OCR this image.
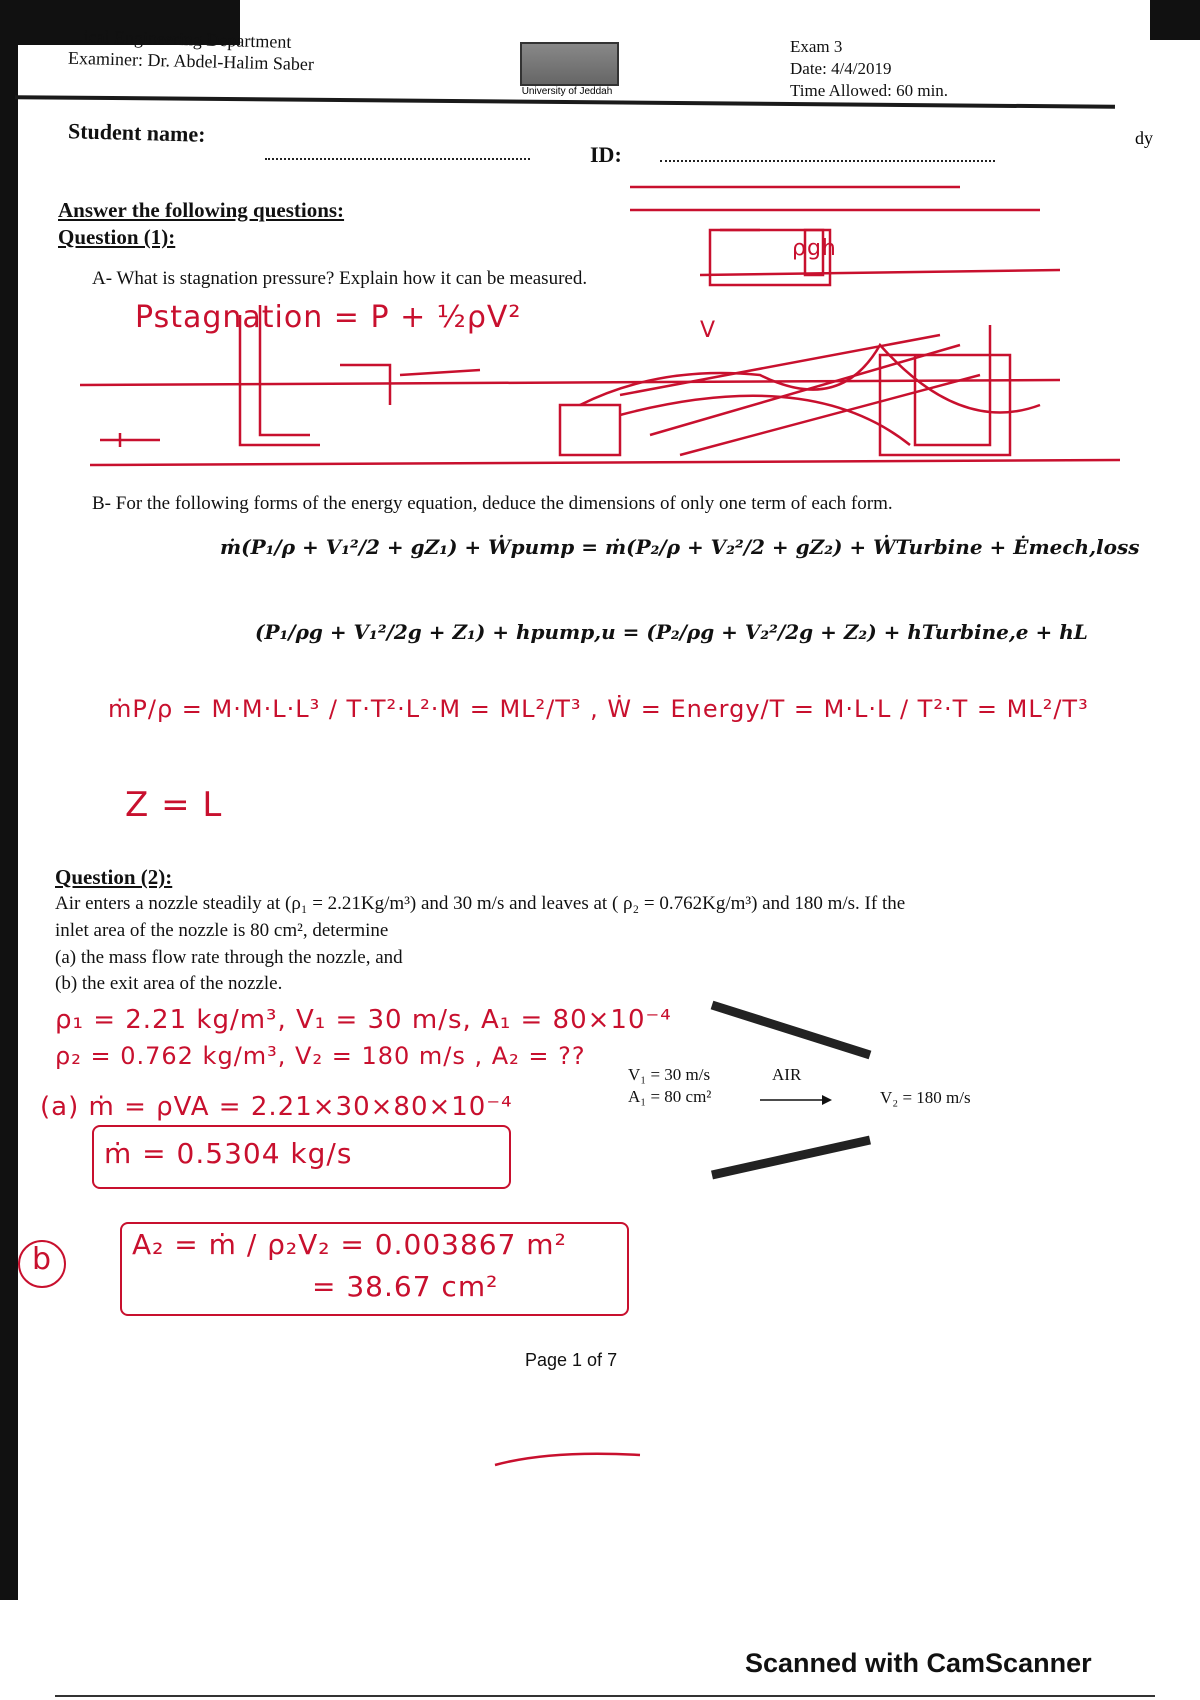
...ical Engineering Department
Examiner: Dr. Abdel-Halim Saber
University of Jeddah
Exam 3
Date: 4/4/2019
Time Allowed: 60 min.
dy
Student name:
ID:
Answer the following questions:
Question (1):
A- What is stagnation pressure? Explain how it can be measured.
Pstagnation = P + ½ρV²
ρgh
V
B- For the following forms of the energy equation, deduce the dimensions of only one term of each form.
ṁ(P₁/ρ + V₁²/2 + gZ₁) + Ẇpump = ṁ(P₂/ρ + V₂²/2 + gZ₂) + ẆTurbine + Ėmech,loss
(P₁/ρg + V₁²/2g + Z₁) + hpump,u = (P₂/ρg + V₂²/2g + Z₂) + hTurbine,e + hL
ṁP/ρ = M·M·L·L³ / T·T²·L²·M = ML²/T³ , Ẇ = Energy/T = M·L·L / T²·T = ML²/T³
Z = L
Question (2):
Air enters a nozzle steadily at (ρ₁ = 2.21Kg/m³) and 30 m/s and leaves at ( ρ₂ = 0.762Kg/m³) and 180 m/s. If the
inlet area of the nozzle is 80 cm², determine
(a) the mass flow rate through the nozzle, and
(b) the exit area of the nozzle.
ρ₁ = 2.21 kg/m³, V₁ = 30 m/s, A₁ = 80×10⁻⁴
ρ₂ = 0.762 kg/m³, V₂ = 180 m/s , A₂ = ??
(a) ṁ = ρVA = 2.21×30×80×10⁻⁴
ṁ = 0.5304 kg/s
b	A₂ = ṁ / ρ₂V₂ = 0.003867 m²
= 38.67 cm²
V₁ = 30 m/s
A₁ = 80 cm²
AIR
V₂ = 180 m/s
Page 1 of 7
Scanned with CamScanner
